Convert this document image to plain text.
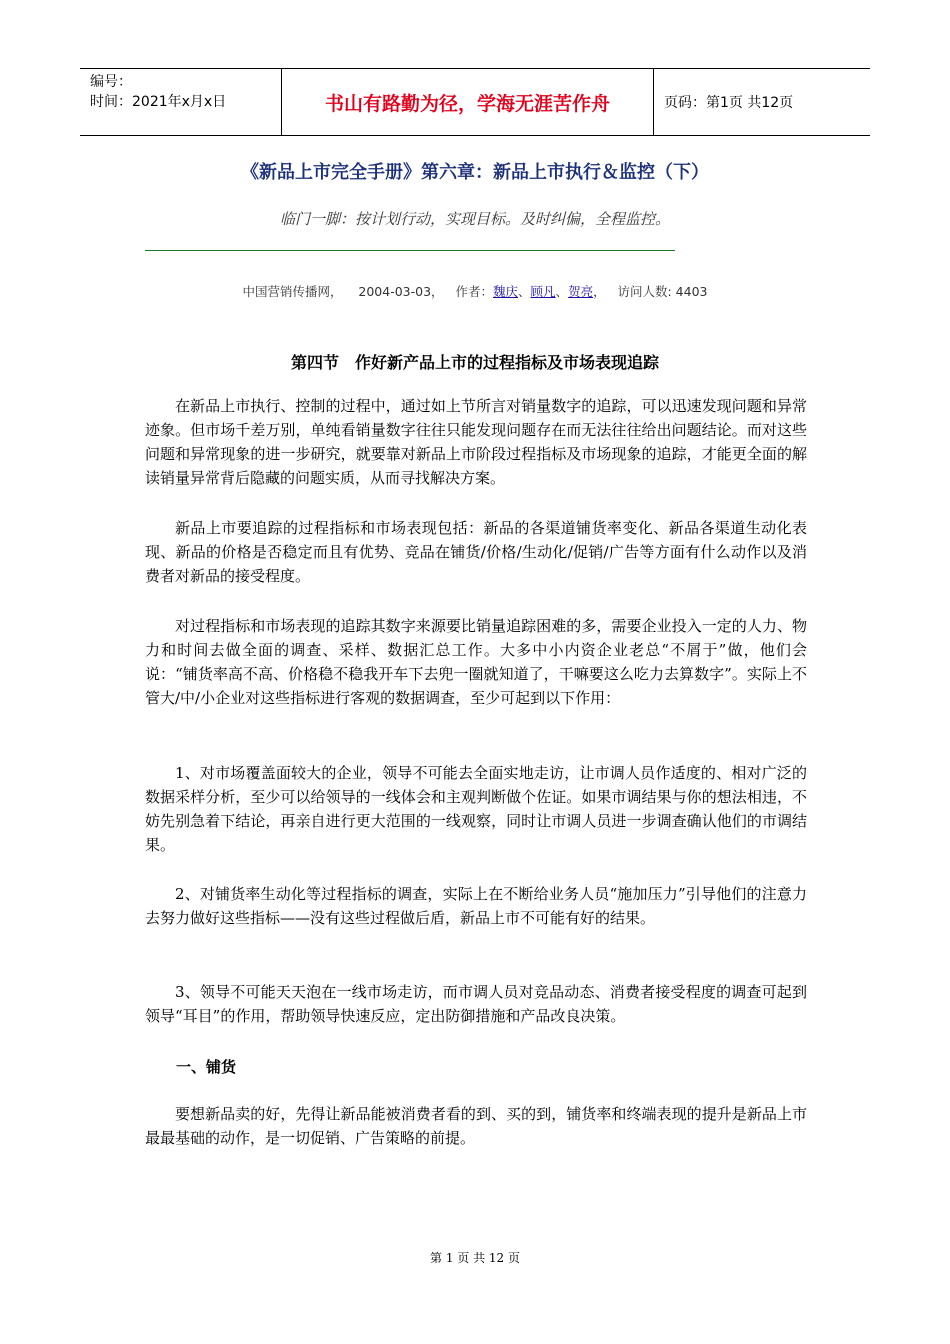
编号：
时间：2021年x月x日	书山有路勤为径，学海无涯苦作舟	页码：第1页 共12页
《新品上市完全手册》第六章：新品上市执行＆监控（下）
临门一脚：按计划行动，实现目标。及时纠偏，全程监控。
中国营销传播网， 2004-03-03， 作者：魏庆、顾凡、贺亮，   访问人数: 4403
第四节　作好新产品上市的过程指标及市场表现追踪

在新品上市执行、控制的过程中，通过如上节所言对销量数字的追踪，可以迅速发现问题和异常迹象。但市场千差万别，单纯看销量数字往往只能发现问题存在而无法往往给出问题结论。而对这些问题和异常现象的进一步研究，就要靠对新品上市阶段过程指标及市场现象的追踪，才能更全面的解读销量异常背后隐藏的问题实质，从而寻找解决方案。

新品上市要追踪的过程指标和市场表现包括：新品的各渠道铺货率变化、新品各渠道生动化表现、新品的价格是否稳定而且有优势、竞品在铺货/价格/生动化/促销/广告等方面有什么动作以及消费者对新品的接受程度。

对过程指标和市场表现的追踪其数字来源要比销量追踪困难的多，需要企业投入一定的人力、物力和时间去做全面的调查、采样、数据汇总工作。大多中小内资企业老总“不屑于”做，他们会说：“铺货率高不高、价格稳不稳我开车下去兜一圈就知道了，干嘛要这么吃力去算数字”。实际上不管大/中/小企业对这些指标进行客观的数据调查，至少可起到以下作用：

1、对市场覆盖面较大的企业，领导不可能去全面实地走访，让市调人员作适度的、相对广泛的数据采样分析，至少可以给领导的一线体会和主观判断做个佐证。如果市调结果与你的想法相违，不妨先别急着下结论，再亲自进行更大范围的一线观察，同时让市调人员进一步调查确认他们的市调结果。

2、对铺货率生动化等过程指标的调查，实际上在不断给业务人员“施加压力”引导他们的注意力去努力做好这些指标——没有这些过程做后盾，新品上市不可能有好的结果。

3、领导不可能天天泡在一线市场走访，而市调人员对竞品动态、消费者接受程度的调查可起到领导“耳目”的作用，帮助领导快速反应，定出防御措施和产品改良决策。

一、铺货

要想新品卖的好，先得让新品能被消费者看的到、买的到，铺货率和终端表现的提升是新品上市最最基础的动作，是一切促销、广告策略的前提。

第 1 页 共 12 页
